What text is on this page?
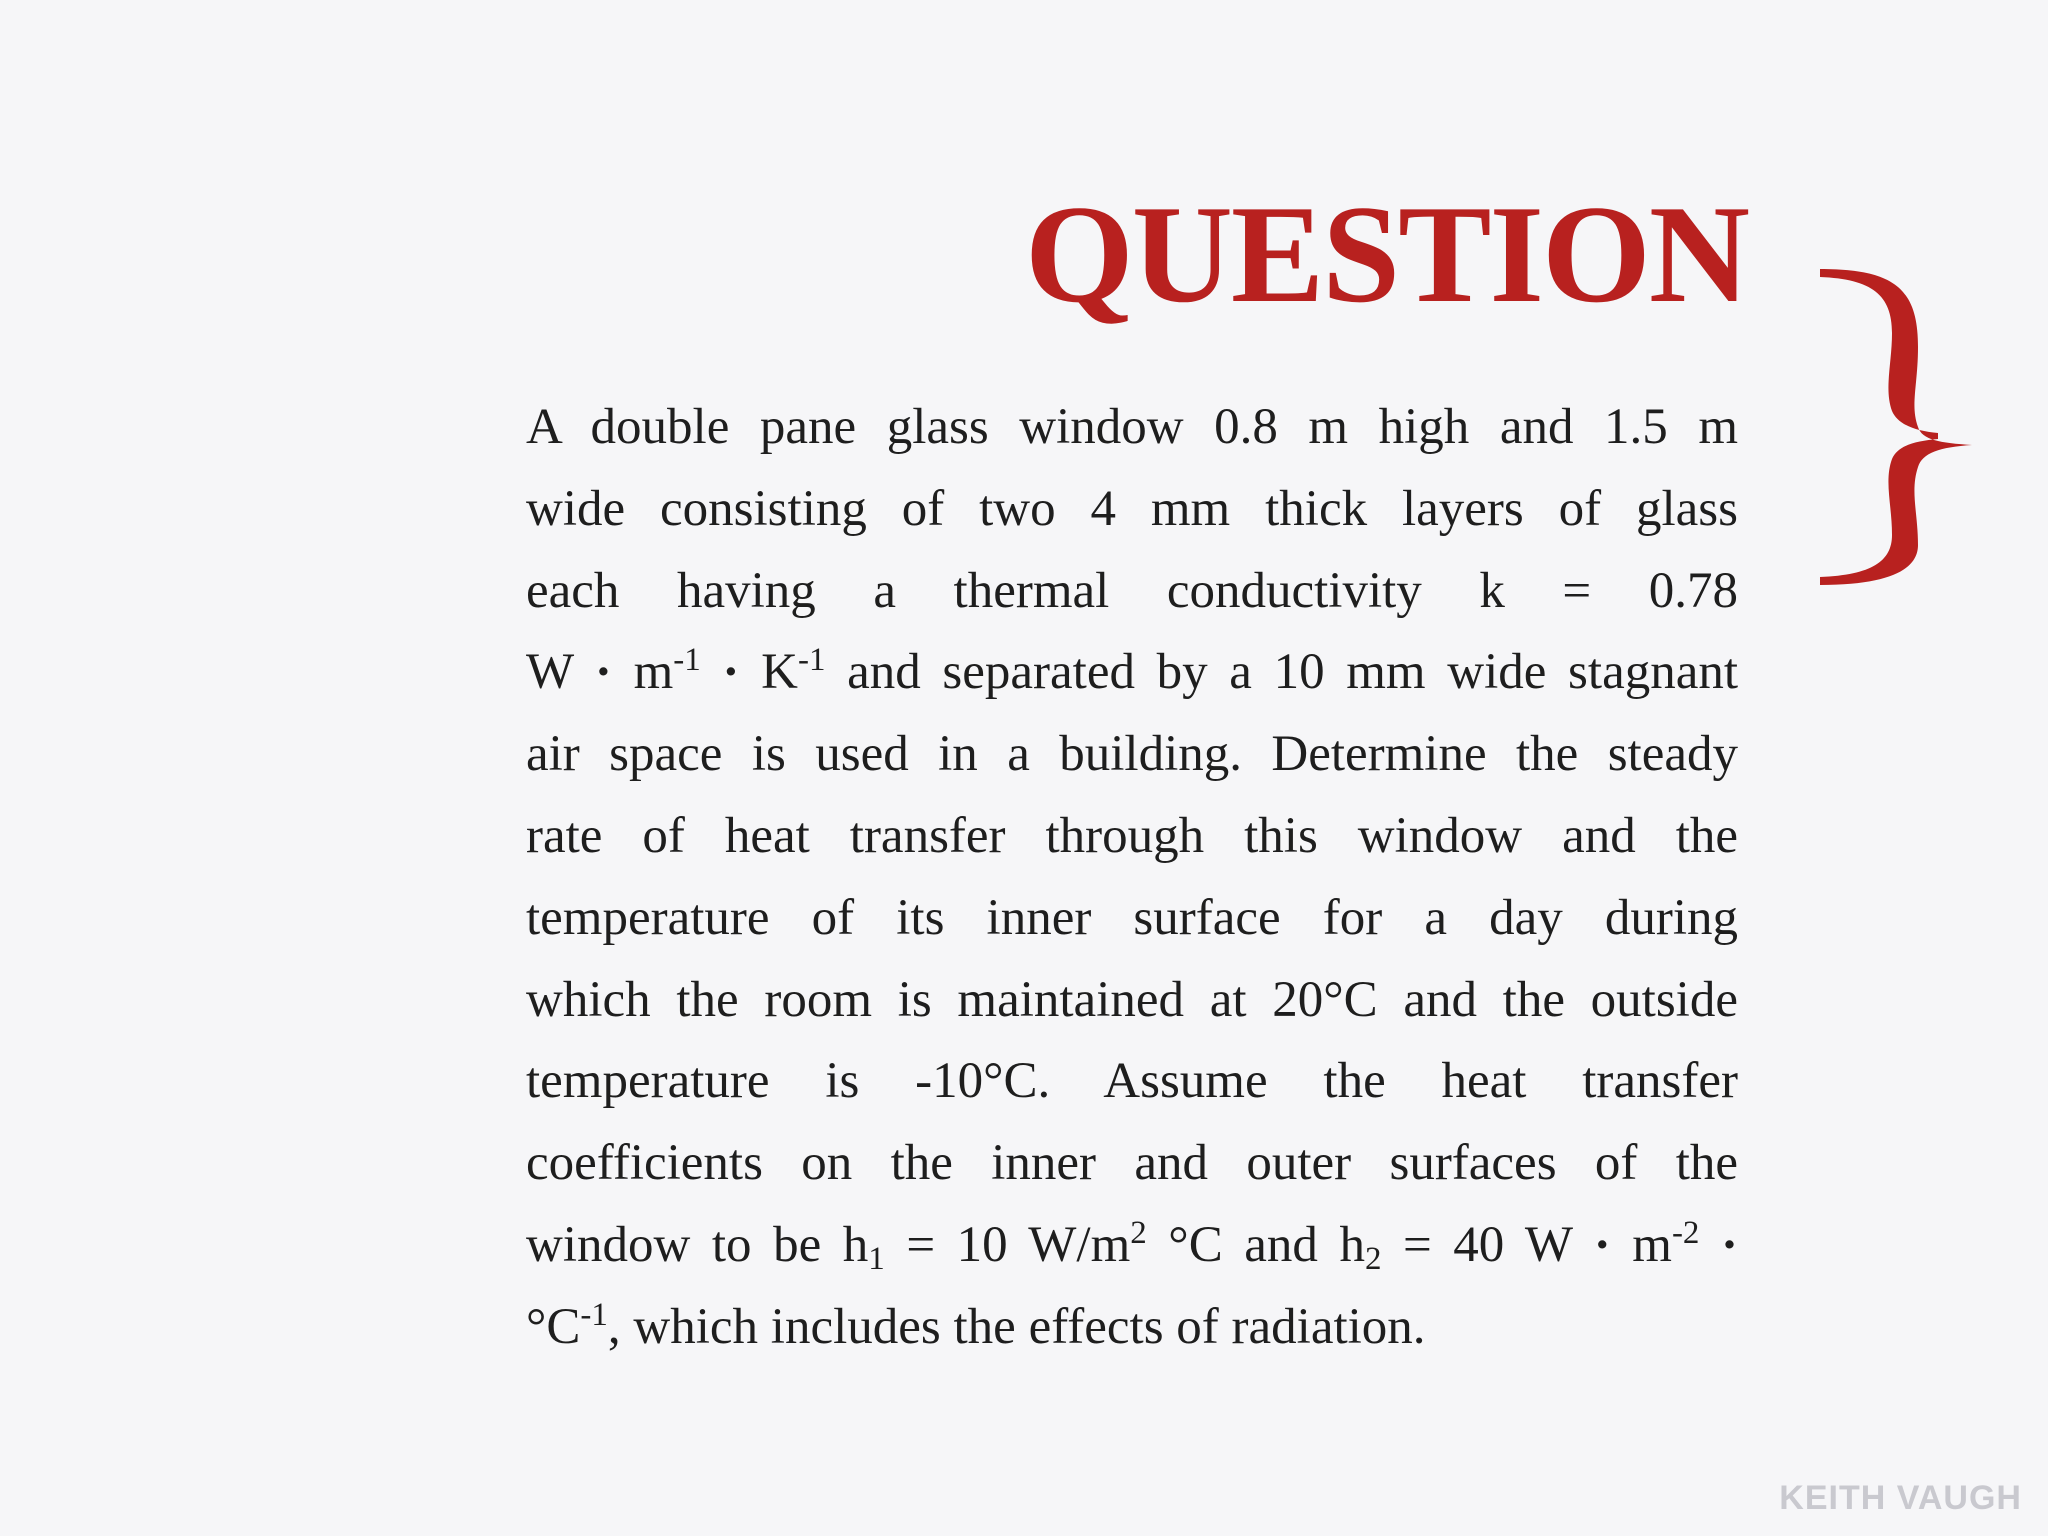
QUESTION
A double pane glass window 0.8 m high and 1.5 m
wide consisting of two 4 mm thick layers of glass
each having a thermal conductivity k = 0.78
$W \cdot m^{-1} \cdot K^{-1}$ and separated by a 10 mm wide stagnant
air space is used in a building. Determine the steady
rate of heat transfer through this window and the
temperature of its inner surface for a day during
which the room is maintained at 20°C and the outside
temperature is -10°C. Assume the heat transfer
coefficients on the inner and outer surfaces of the
window to be $h_1 = 10$ $W/m^2$ °C and $h_2 = 40$ $W \cdot m^{-2}$ ·
$^\circ C^{-1}$, which includes the effects of radiation.
KEITH VAUGH
